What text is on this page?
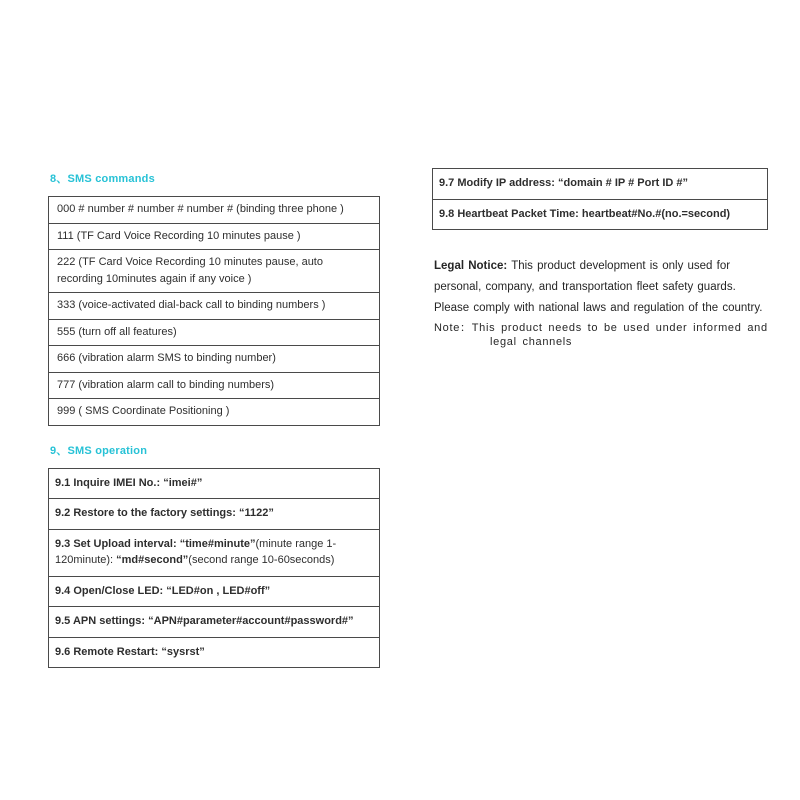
8、SMS commands
000 # number # number # number # (binding three phone )
111 (TF Card Voice Recording 10 minutes pause )
222 (TF Card Voice Recording 10 minutes pause, auto recording 10minutes again if any voice )
333 (voice-activated dial-back call to binding numbers )
555 (turn off all features)
666 (vibration alarm SMS to binding number)
777 (vibration alarm call to binding numbers)
999 ( SMS Coordinate Positioning )
9、SMS operation
9.1 Inquire IMEI No.: “imei#”
9.2 Restore to the factory settings: “1122”
9.3 Set Upload interval: “time#minute”(minute range 1-120minute): “md#second”(second range 10-60seconds)
9.4 Open/Close LED: “LED#on , LED#off”
9.5 APN settings: “APN#parameter#account#password#”
9.6 Remote Restart: “sysrst”
9.7 Modify IP address: “domain # IP # Port ID #”
9.8 Heartbeat Packet Time: heartbeat#No.#(no.=second)

Legal Notice: This product development is only used for personal, company, and transportation fleet safety guards.

Please comply with national laws and regulation of the country.

Note：This product needs to be used under informed and
legal channels
